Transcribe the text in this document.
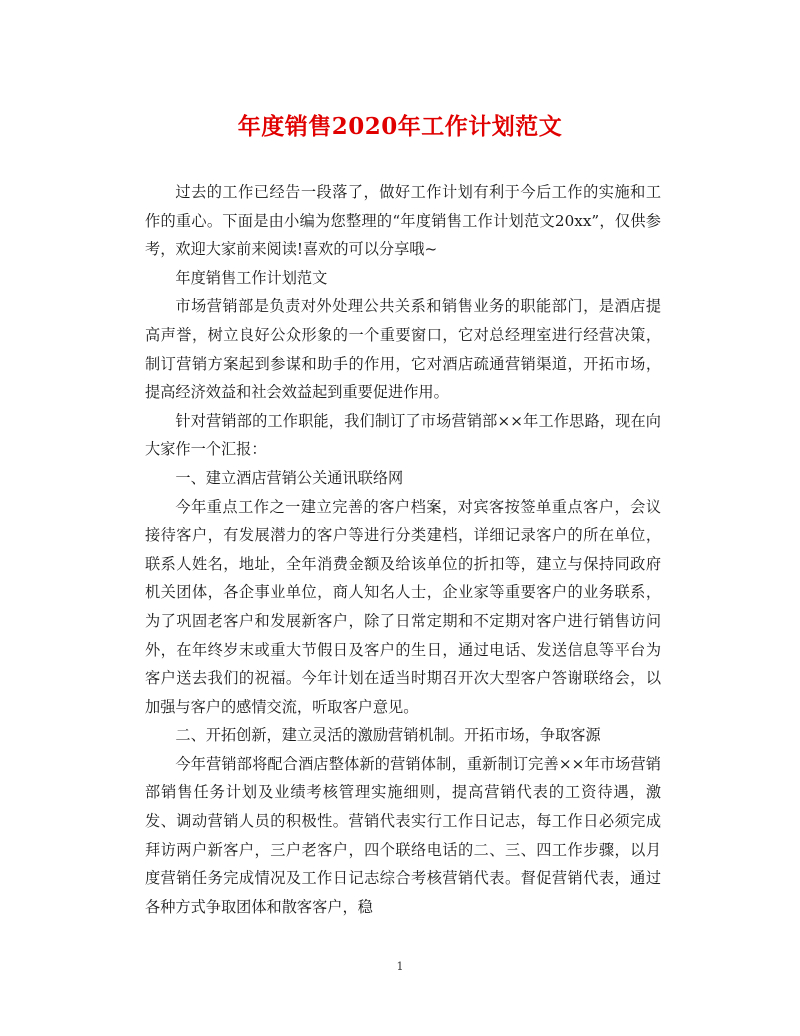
年度销售2020年工作计划范文

过去的工作已经告一段落了，做好工作计划有利于今后工作的实施和工作的重心。下面是由小编为您整理的“年度销售工作计划范文20xx”，仅供参考，欢迎大家前来阅读!喜欢的可以分享哦~

年度销售工作计划范文

市场营销部是负责对外处理公共关系和销售业务的职能部门，是酒店提高声誉，树立良好公众形象的一个重要窗口，它对总经理室进行经营决策，制订营销方案起到参谋和助手的作用，它对酒店疏通营销渠道，开拓市场，提高经济效益和社会效益起到重要促进作用。

针对营销部的工作职能，我们制订了市场营销部××年工作思路，现在向大家作一个汇报：

一、建立酒店营销公关通讯联络网

今年重点工作之一建立完善的客户档案，对宾客按签单重点客户，会议接待客户，有发展潜力的客户等进行分类建档，详细记录客户的所在单位，联系人姓名，地址，全年消费金额及给该单位的折扣等，建立与保持同政府机关团体，各企事业单位，商人知名人士，企业家等重要客户的业务联系，为了巩固老客户和发展新客户，除了日常定期和不定期对客户进行销售访问外，在年终岁末或重大节假日及客户的生日，通过电话、发送信息等平台为客户送去我们的祝福。今年计划在适当时期召开次大型客户答谢联络会，以加强与客户的感情交流，听取客户意见。

二、开拓创新，建立灵活的激励营销机制。开拓市场，争取客源

今年营销部将配合酒店整体新的营销体制，重新制订完善××年市场营销部销售任务计划及业绩考核管理实施细则，提高营销代表的工资待遇，激发、调动营销人员的积极性。营销代表实行工作日记志，每工作日必须完成拜访两户新客户，三户老客户，四个联络电话的二、三、四工作步骤，以月度营销任务完成情况及工作日记志综合考核营销代表。督促营销代表，通过各种方式争取团体和散客客户，稳

1
